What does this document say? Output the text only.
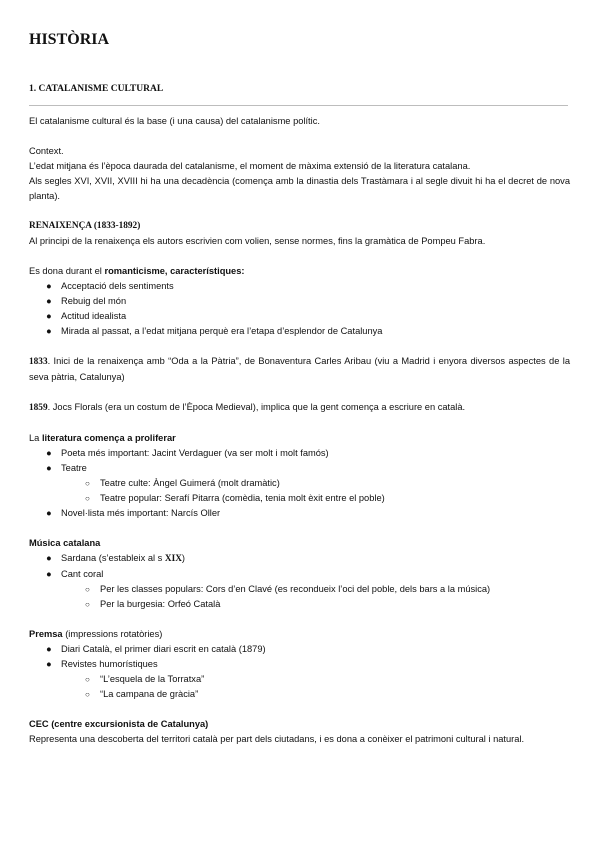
HISTÒRIA
1. CATALANISME CULTURAL

El catalanisme cultural és la base (i una causa) del catalanisme polític.

Context.

L’edat mitjana és l’època daurada del catalanisme, el moment de màxima extensió de la literatura catalana.

Als segles XVI, XVII, XVIII hi ha una decadència (comença amb la dinastia dels Trastàmara i al segle divuit hi ha el decret de nova planta).

RENAIXENÇA (1833-1892)

Al principi de la renaixença els autors escrivien com volien, sense normes, fins la gramàtica de Pompeu Fabra.

Es dona durant el romanticisme, característiques:

● Acceptació dels sentiments
● Rebuig del món
● Actitud idealista
● Mirada al passat, a l’edat mitjana perquè era l’etapa d’esplendor de Catalunya

1833. Inici de la renaixença amb “Oda a la Pàtria”, de Bonaventura Carles Aribau (viu a Madrid i enyora diversos aspectes de la seva pàtria, Catalunya)

1859. Jocs Florals (era un costum de l’Època Medieval), implica que la gent comença a escriure en català.

La literatura comença a proliferar

● Poeta més important: Jacint Verdaguer (va ser molt i molt famós)
● Teatre
○ Teatre culte: Àngel Guimerá (molt dramàtic)
○ Teatre popular: Serafí Pitarra (comèdia, tenia molt èxit entre el poble)
● Novel·lista més important: Narcís Oller

Música catalana

● Sardana (s’estableix al s XIX)
● Cant coral
○ Per les classes populars: Cors d’en Clavé (es recondueix l’oci del poble, dels bars a la música)
○ Per la burgesia: Orfeó Català

Premsa (impressions rotatòries)

● Diari Català, el primer diari escrit en català (1879)
● Revistes humorístiques
○ “L’esquela de la Torratxa”
○ “La campana de gràcia”

CEC (centre excursionista de Catalunya)

Representa una descoberta del territori català per part dels ciutadans, i es dona a conèixer el patrimoni cultural i natural.
